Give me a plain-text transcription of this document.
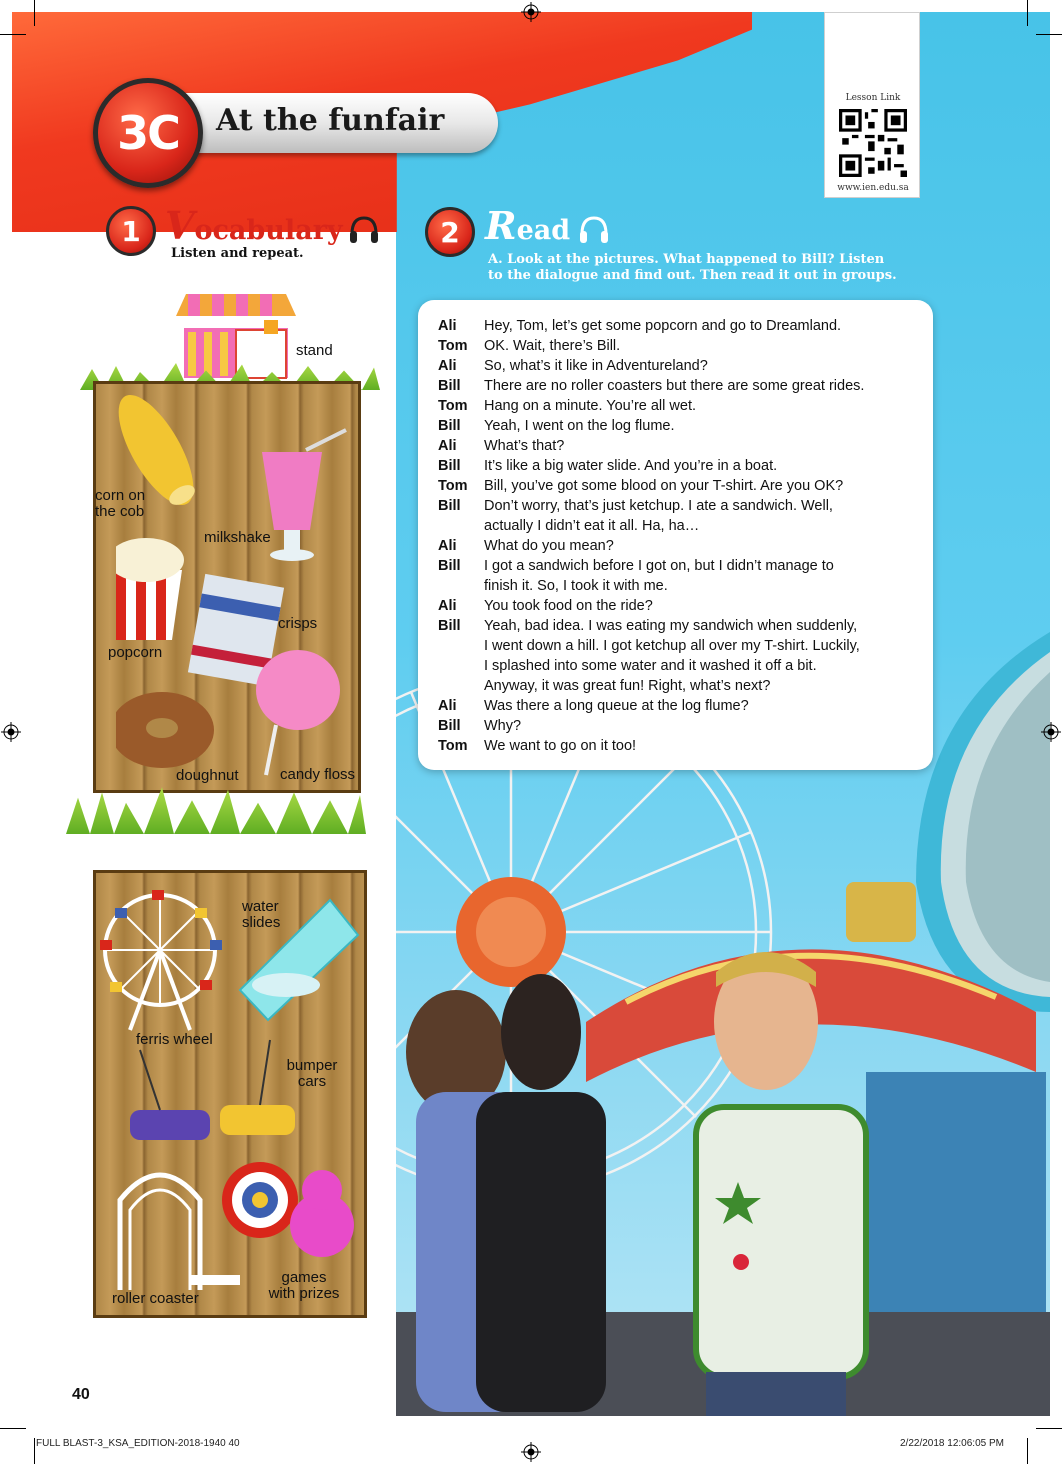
3C At the funfair
Lesson Link
www.ien.edu.sa
1 Vocabulary
Listen and repeat.
stand
corn on
the cob
milkshake
crisps
popcorn
doughnut	candy floss
water
slides
ferris wheel
bumper
cars
roller coaster
games
with prizes
2 Read
A. Look at the pictures. What happened to Bill? Listen
to the dialogue and find out. Then read it out in groups.
Ali	Hey, Tom, let’s get some popcorn and go to Dreamland.
Tom	OK. Wait, there’s Bill.
Ali	So, what’s it like in Adventureland?
Bill	There are no roller coasters but there are some great rides.
Tom	Hang on a minute. You’re all wet.
Bill	Yeah, I went on the log flume.
Ali	What’s that?
Bill	It’s like a big water slide. And you’re in a boat.
Tom	Bill, you’ve got some blood on your T-shirt. Are you OK?
Bill	Don’t worry, that’s just ketchup. I ate a sandwich. Well,
actually I didn’t eat it all. Ha, ha…
Ali	What do you mean?
Bill	I got a sandwich before I got on, but I didn’t manage to
finish it. So, I took it with me.
Ali	You took food on the ride?
Bill	Yeah, bad idea. I was eating my sandwich when suddenly,
I went down a hill. I got ketchup all over my T-shirt. Luckily,
I splashed into some water and it washed it off a bit.
Anyway, it was great fun! Right, what’s next?
Ali	Was there a long queue at the log flume?
Bill	Why?
Tom	We want to go on it too!
40
FULL BLAST-3_KSA_EDITION-2018-1940 40	2/22/2018 12:06:05 PM
